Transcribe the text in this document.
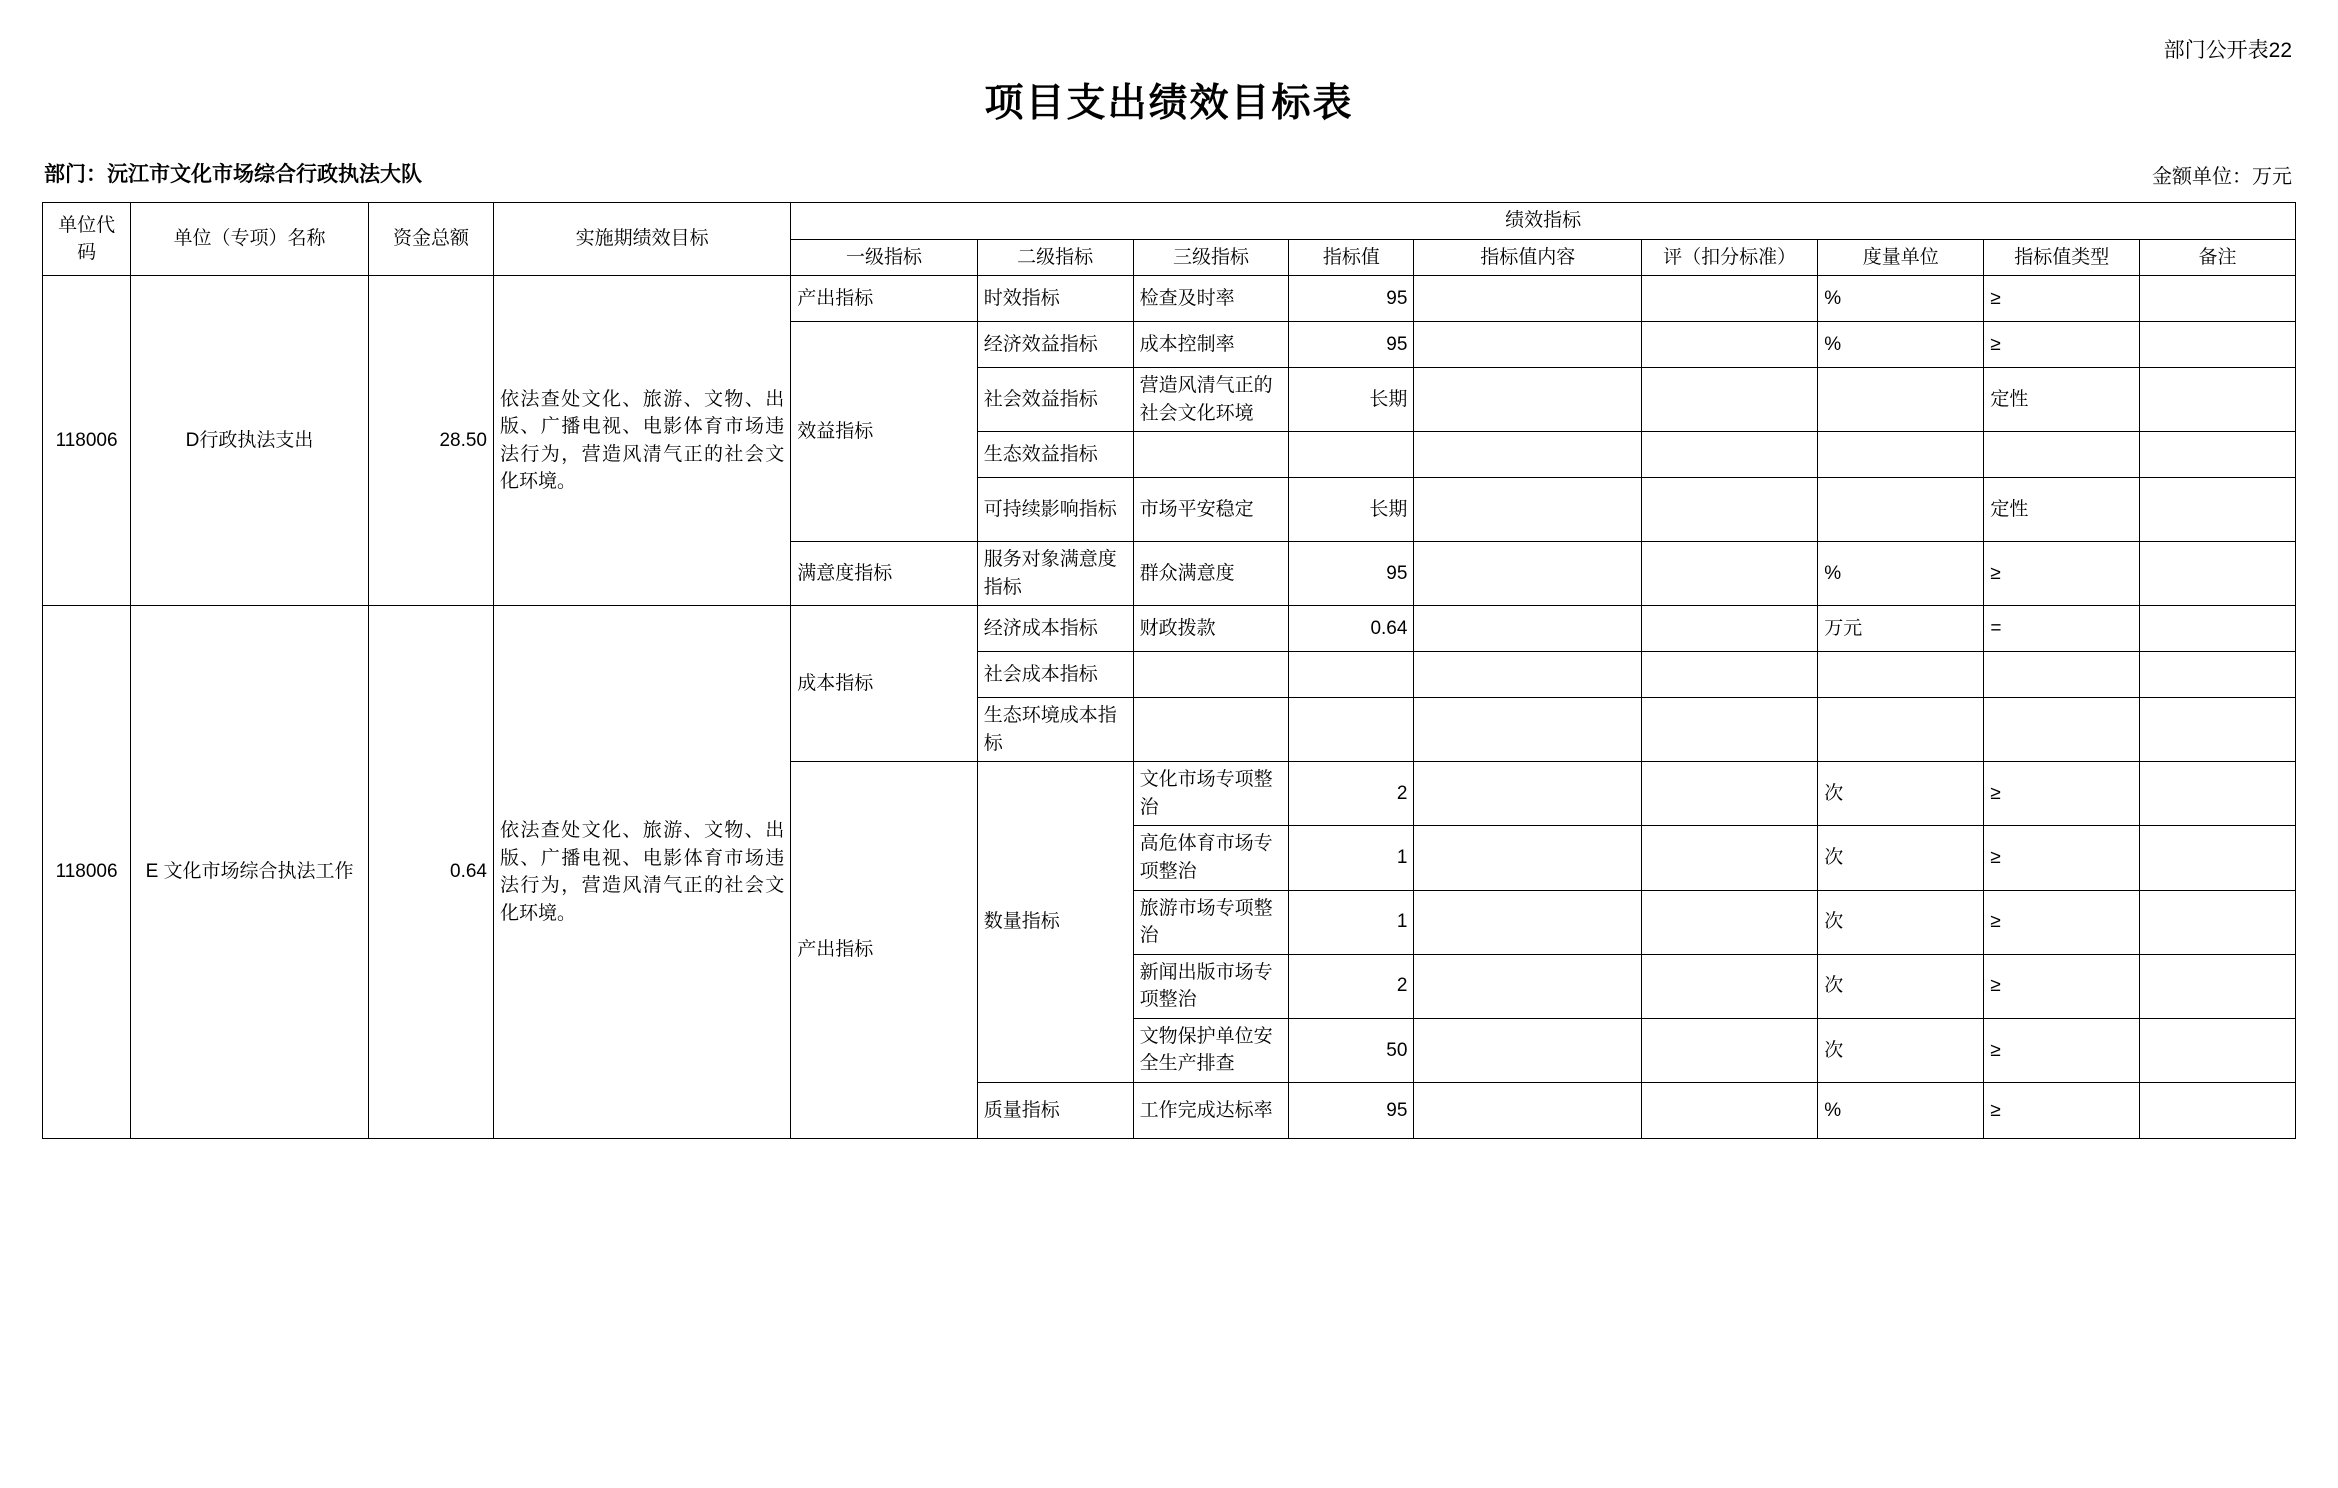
部门公开表22
项目支出绩效目标表
部门：沅江市文化市场综合行政执法大队	金额单位：万元
单位代码	单位（专项）名称	资金总额	实施期绩效目标	绩效指标								
				一级指标	二级指标	三级指标	指标值	指标值内容	评（扣分标准）	度量单位	指标值类型	备注
118006	D行政执法支出	28.50	依法查处文化、旅游、文物、出版、广播电视、电影体育市场违法行为，营造风清气正的社会文化环境。	产出指标	时效指标	检查及时率	95			%	≥	
				效益指标	经济效益指标	成本控制率	95			%	≥	
					社会效益指标	营造风清气正的社会文化环境	长期				定性	
					生态效益指标							
					可持续影响指标	市场平安稳定	长期				定性	
				满意度指标	服务对象满意度指标	群众满意度	95			%	≥	
118006	E 文化市场综合执法工作	0.64	依法查处文化、旅游、文物、出版、广播电视、电影体育市场违法行为，营造风清气正的社会文化环境。	成本指标	经济成本指标	财政拨款	0.64			万元	=	
					社会成本指标							
					生态环境成本指标							
				产出指标	数量指标	文化市场专项整治	2			次	≥	
						高危体育市场专项整治	1			次	≥	
						旅游市场专项整治	1			次	≥	
						新闻出版市场专项整治	2			次	≥	
						文物保护单位安全生产排查	50			次	≥	
					质量指标	工作完成达标率	95			%	≥	
